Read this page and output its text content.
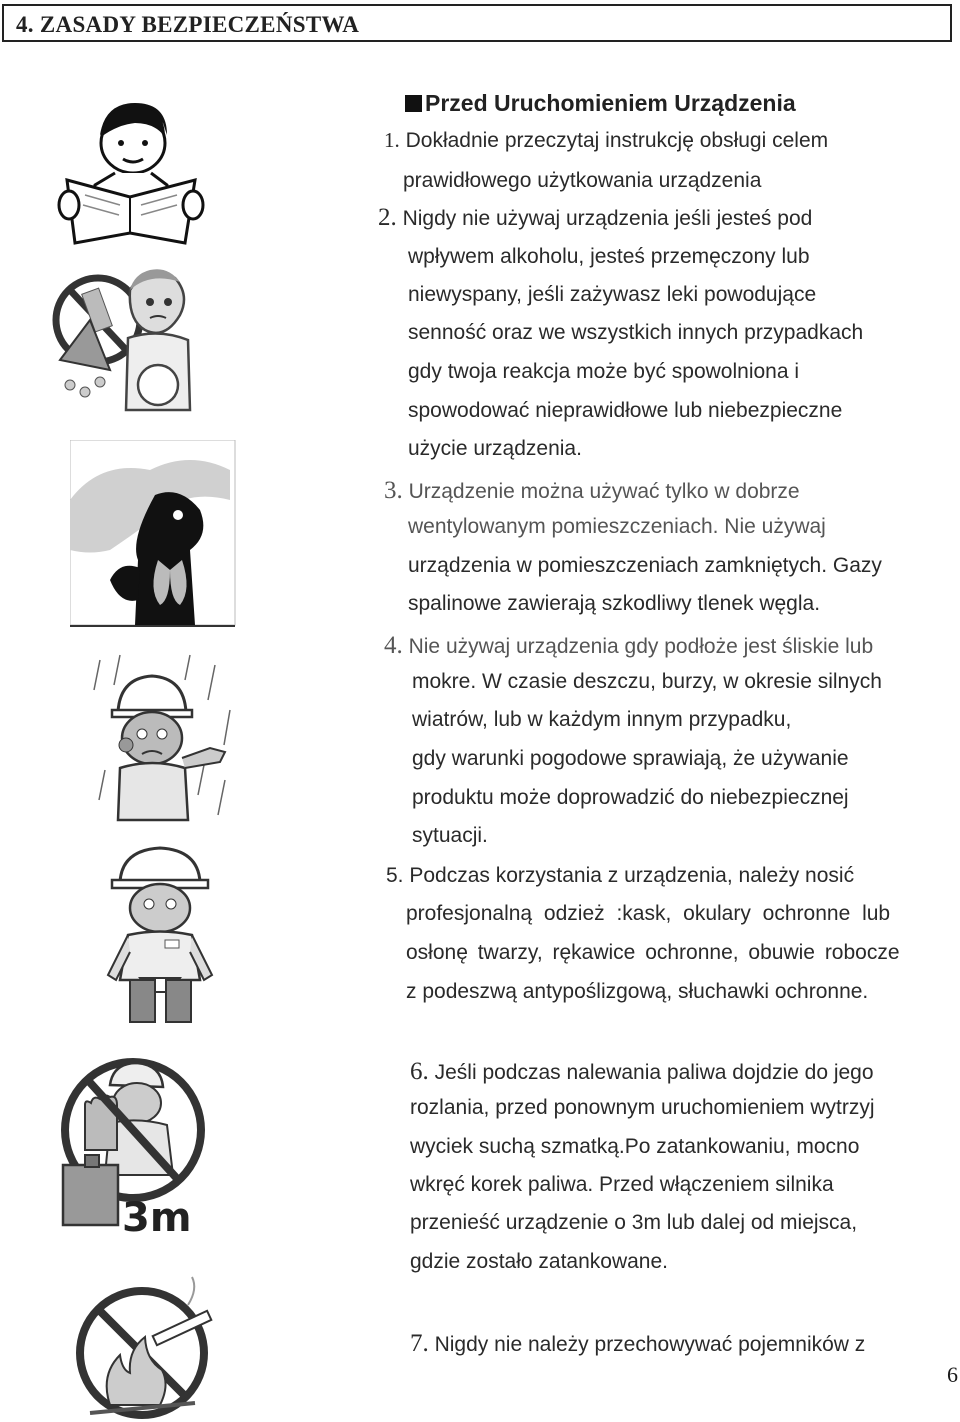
4. ZASADY BEZPIECZEŃSTWA
Przed Uruchomieniem Urządzenia
1. Dokładnie przeczytaj instrukcję obsługi celem
prawidłowego użytkowania urządzenia
2. Nigdy nie używaj urządzenia jeśli jesteś pod
wpływem alkoholu, jesteś przemęczony lub
niewyspany, jeśli zażywasz leki powodujące
senność oraz we wszystkich innych przypadkach
gdy twoja reakcja może być spowolniona i
spowodować nieprawidłowe lub niebezpieczne
użycie urządzenia.
3. Urządzenie można używać tylko w dobrze
wentylowanym pomieszczeniach. Nie używaj
urządzenia w pomieszczeniach zamkniętych. Gazy
spalinowe zawierają szkodliwy tlenek węgla.
4. Nie używaj urządzenia gdy podłoże jest śliskie lub
mokre. W czasie deszczu, burzy, w okresie silnych
wiatrów, lub w każdym innym przypadku,
gdy warunki pogodowe sprawiają, że używanie
produktu może doprowadzić do niebezpiecznej
sytuacji.
5. Podczas korzystania z urządzenia, należy nosić
profesjonalną odzież :kask, okulary ochronne lub
osłonę twarzy, rękawice ochronne, obuwie robocze
z podeszwą antypoślizgową, słuchawki ochronne.
6. Jeśli podczas nalewania paliwa dojdzie do jego
rozlania, przed ponownym uruchomieniem wytrzyj
wyciek suchą szmatką.Po zatankowaniu, mocno
wkręć korek paliwa. Przed włączeniem silnika
przenieść urządzenie o 3m lub dalej od miejsca,
gdzie zostało zatankowane.
7. Nigdy nie należy przechowywać pojemników z
6
3m
